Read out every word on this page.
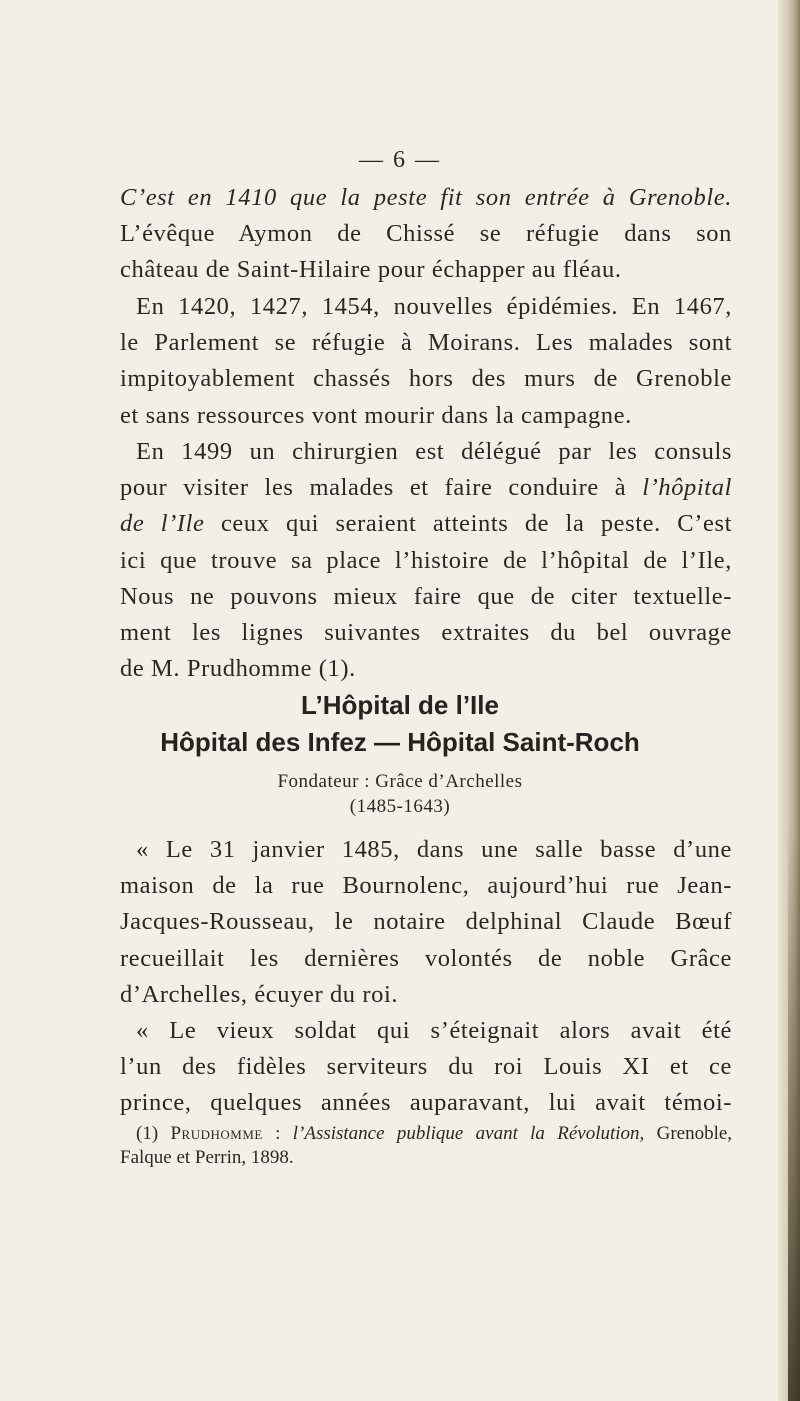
— 6 —
C’est en 1410 que la peste fit son entrée à Grenoble.
L’évêque Aymon de Chissé se réfugie dans son
château de Saint-Hilaire pour échapper au fléau.
En 1420, 1427, 1454, nouvelles épidémies. En 1467,
le Parlement se réfugie à Moirans. Les malades sont
impitoyablement chassés hors des murs de Grenoble
et sans ressources vont mourir dans la campagne.
En 1499 un chirurgien est délégué par les consuls
pour visiter les malades et faire conduire à l’hôpital
de l’Ile ceux qui seraient atteints de la peste. C’est
ici que trouve sa place l’histoire de l’hôpital de l’Ile,
Nous ne pouvons mieux faire que de citer textuelle-
ment les lignes suivantes extraites du bel ouvrage
de M. Prudhomme (1).
L’Hôpital de l’Ile
Hôpital des Infez — Hôpital Saint-Roch
Fondateur : Grâce d’Archelles
(1485-1643)
« Le 31 janvier 1485, dans une salle basse d’une
maison de la rue Bournolenc, aujourd’hui rue Jean-
Jacques-Rousseau, le notaire delphinal Claude Bœuf
recueillait les dernières volontés de noble Grâce
d’Archelles, écuyer du roi.
« Le vieux soldat qui s’éteignait alors avait été
l’un des fidèles serviteurs du roi Louis XI et ce
prince, quelques années auparavant, lui avait témoi-
(1) Prudhomme : l’Assistance publique avant la Révolution, Grenoble,
Falque et Perrin, 1898.
